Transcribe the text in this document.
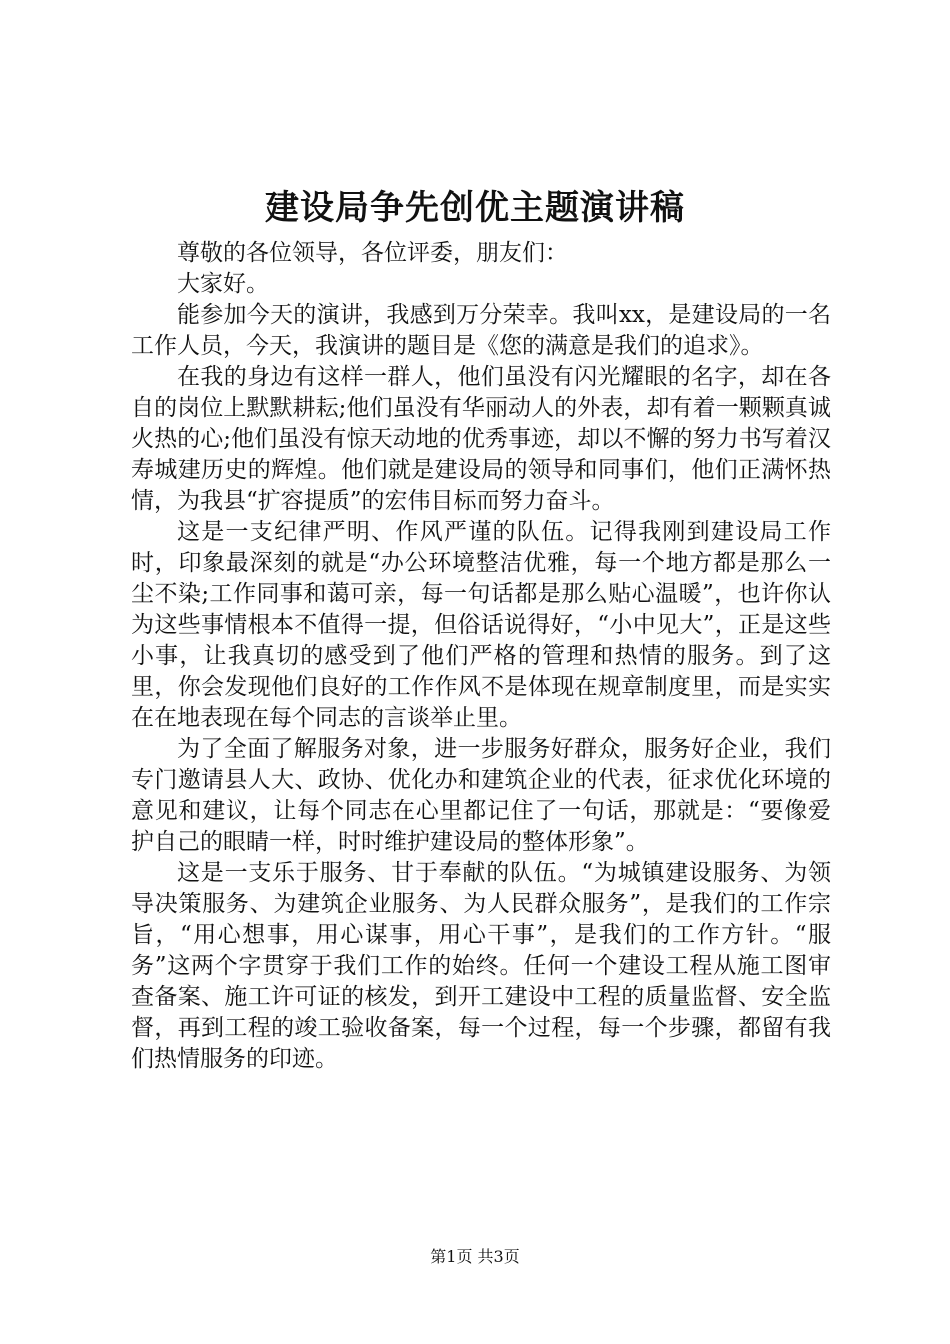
建设局争先创优主题演讲稿

尊敬的各位领导，各位评委，朋友们：

大家好。

能参加今天的演讲，我感到万分荣幸。我叫xx，是建设局的一名工作人员，今天，我演讲的题目是《您的满意是我们的追求》。

在我的身边有这样一群人，他们虽没有闪光耀眼的名字，却在各自的岗位上默默耕耘;他们虽没有华丽动人的外表，却有着一颗颗真诚火热的心;他们虽没有惊天动地的优秀事迹，却以不懈的努力书写着汉寿城建历史的辉煌。他们就是建设局的领导和同事们，他们正满怀热情，为我县“扩容提质”的宏伟目标而努力奋斗。

这是一支纪律严明、作风严谨的队伍。记得我刚到建设局工作时，印象最深刻的就是“办公环境整洁优雅，每一个地方都是那么一尘不染;工作同事和蔼可亲，每一句话都是那么贴心温暖”，也许你认为这些事情根本不值得一提，但俗话说得好，“小中见大”，正是这些小事，让我真切的感受到了他们严格的管理和热情的服务。到了这里，你会发现他们良好的工作作风不是体现在规章制度里，而是实实在在地表现在每个同志的言谈举止里。

为了全面了解服务对象，进一步服务好群众，服务好企业，我们专门邀请县人大、政协、优化办和建筑企业的代表，征求优化环境的意见和建议，让每个同志在心里都记住了一句话，那就是：“要像爱护自己的眼睛一样，时时维护建设局的整体形象”。

这是一支乐于服务、甘于奉献的队伍。“为城镇建设服务、为领导决策服务、为建筑企业服务、为人民群众服务”，是我们的工作宗旨，“用心想事，用心谋事，用心干事”，是我们的工作方针。“服务”这两个字贯穿于我们工作的始终。任何一个建设工程从施工图审查备案、施工许可证的核发，到开工建设中工程的质量监督、安全监督，再到工程的竣工验收备案，每一个过程，每一个步骤，都留有我们热情服务的印迹。

第1页 共3页
